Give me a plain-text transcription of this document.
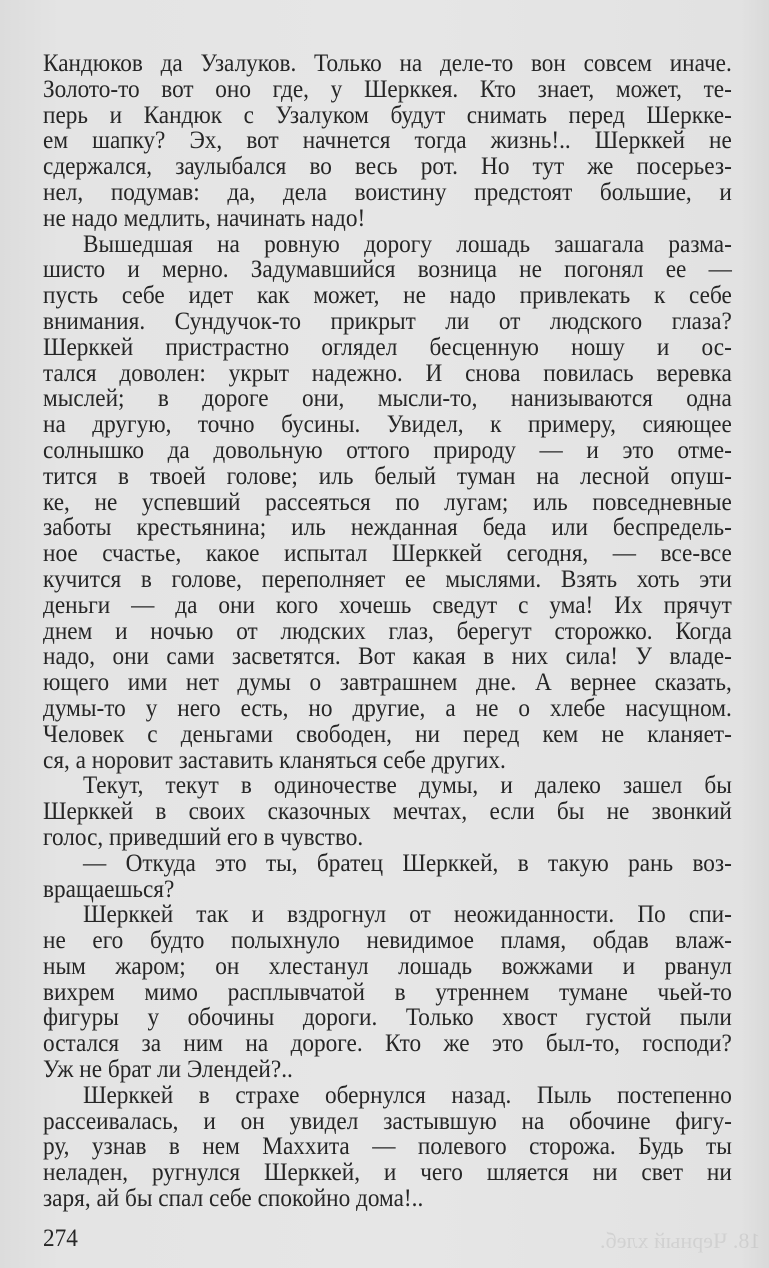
18. Черный хлеб.
Кандюков да Узалуков. Только на деле-то вон совсем иначе.
Золото-то вот оно где, у Шерккея. Кто знает, может, те-
перь и Кандюк с Узалуком будут снимать перед Шеркке-
ем шапку? Эх, вот начнется тогда жизнь!.. Шерккей не
сдержался, заулыбался во весь рот. Но тут же посерьез-
нел, подумав: да, дела воистину предстоят большие, и
не надо медлить, начинать надо!
Вышедшая на ровную дорогу лошадь зашагала разма-
шисто и мерно. Задумавшийся возница не погонял ее —
пусть себе идет как может, не надо привлекать к себе
внимания. Сундучок-то прикрыт ли от людского глаза?
Шерккей пристрастно оглядел бесценную ношу и ос-
тался доволен: укрыт надежно. И снова повилась веревка
мыслей; в дороге они, мысли-то, нанизываются одна
на другую, точно бусины. Увидел, к примеру, сияющее
солнышко да довольную оттого природу — и это отме-
тится в твоей голове; иль белый туман на лесной опуш-
ке, не успевший рассеяться по лугам; иль повседневные
заботы крестьянина; иль нежданная беда или беспредель-
ное счастье, какое испытал Шерккей сегодня, — все-все
кучится в голове, переполняет ее мыслями. Взять хоть эти
деньги — да они кого хочешь сведут с ума! Их прячут
днем и ночью от людских глаз, берегут сторожко. Когда
надо, они сами засветятся. Вот какая в них сила! У владе-
ющего ими нет думы о завтрашнем дне. А вернее сказать,
думы-то у него есть, но другие, а не о хлебе насущном.
Человек с деньгами свободен, ни перед кем не кланяет-
ся, а норовит заставить кланяться себе других.
Текут, текут в одиночестве думы, и далеко зашел бы
Шерккей в своих сказочных мечтах, если бы не звонкий
голос, приведший его в чувство.
— Откуда это ты, братец Шерккей, в такую рань воз-
вращаешься?
Шерккей так и вздрогнул от неожиданности. По спи-
не его будто полыхнуло невидимое пламя, обдав влаж-
ным жаром; он хлестанул лошадь вожжами и рванул
вихрем мимо расплывчатой в утреннем тумане чьей-то
фигуры у обочины дороги. Только хвост густой пыли
остался за ним на дороге. Кто же это был-то, господи?
Уж не брат ли Элендей?..
Шерккей в страхе обернулся назад. Пыль постепенно
рассеивалась, и он увидел застывшую на обочине фигу-
ру, узнав в нем Маххита — полевого сторожа. Будь ты
неладен, ругнулся Шерккей, и чего шляется ни свет ни
заря, ай бы спал себе спокойно дома!..
274
